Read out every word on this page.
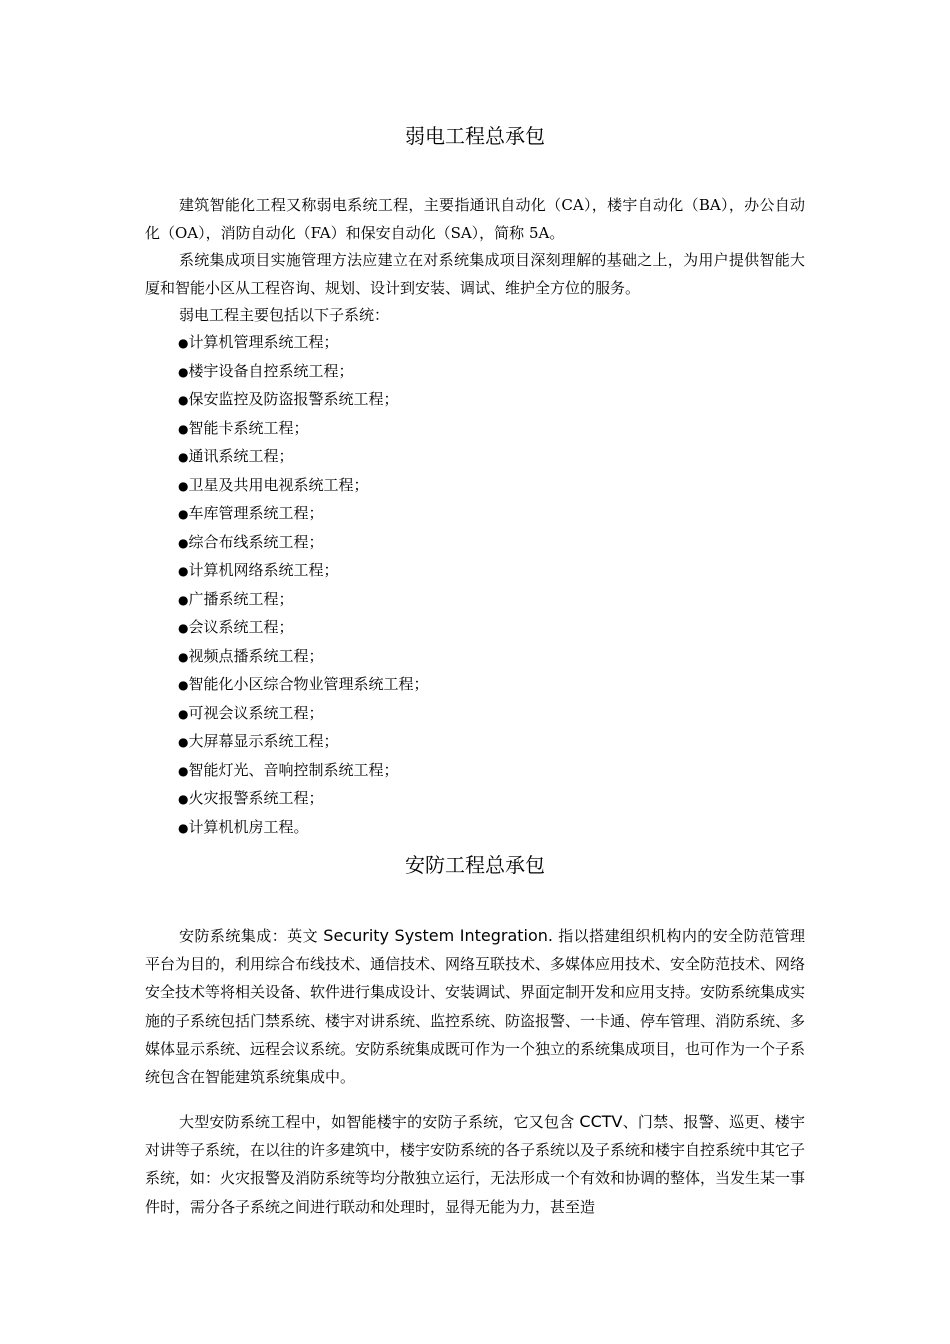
弱电工程总承包

建筑智能化工程又称弱电系统工程，主要指通讯自动化（CA），楼宇自动化（BA），办公自动化（OA），消防自动化（FA）和保安自动化（SA），简称 5A。

系统集成项目实施管理方法应建立在对系统集成项目深刻理解的基础之上，为用户提供智能大厦和智能小区从工程咨询、规划、设计到安装、调试、维护全方位的服务。

弱电工程主要包括以下子系统：

●计算机管理系统工程；
●楼宇设备自控系统工程；
●保安监控及防盗报警系统工程；
●智能卡系统工程；
●通讯系统工程；
●卫星及共用电视系统工程；
●车库管理系统工程；
●综合布线系统工程；
●计算机网络系统工程；
●广播系统工程；
●会议系统工程；
●视频点播系统工程；
●智能化小区综合物业管理系统工程；
●可视会议系统工程；
●大屏幕显示系统工程；
●智能灯光、音响控制系统工程；
●火灾报警系统工程；
●计算机机房工程。
安防工程总承包

安防系统集成：英文 Security System Integration. 指以搭建组织机构内的安全防范管理平台为目的，利用综合布线技术、通信技术、网络互联技术、多媒体应用技术、安全防范技术、网络安全技术等将相关设备、软件进行集成设计、安装调试、界面定制开发和应用支持。安防系统集成实施的子系统包括门禁系统、楼宇对讲系统、监控系统、防盗报警、一卡通、停车管理、消防系统、多媒体显示系统、远程会议系统。安防系统集成既可作为一个独立的系统集成项目，也可作为一个子系统包含在智能建筑系统集成中。

大型安防系统工程中，如智能楼宇的安防子系统，它又包含 CCTV、门禁、报警、巡更、楼宇对讲等子系统，在以往的许多建筑中，楼宇安防系统的各子系统以及子系统和楼宇自控系统中其它子系统，如：火灾报警及消防系统等均分散独立运行，无法形成一个有效和协调的整体，当发生某一事件时，需分各子系统之间进行联动和处理时，显得无能为力，甚至造
